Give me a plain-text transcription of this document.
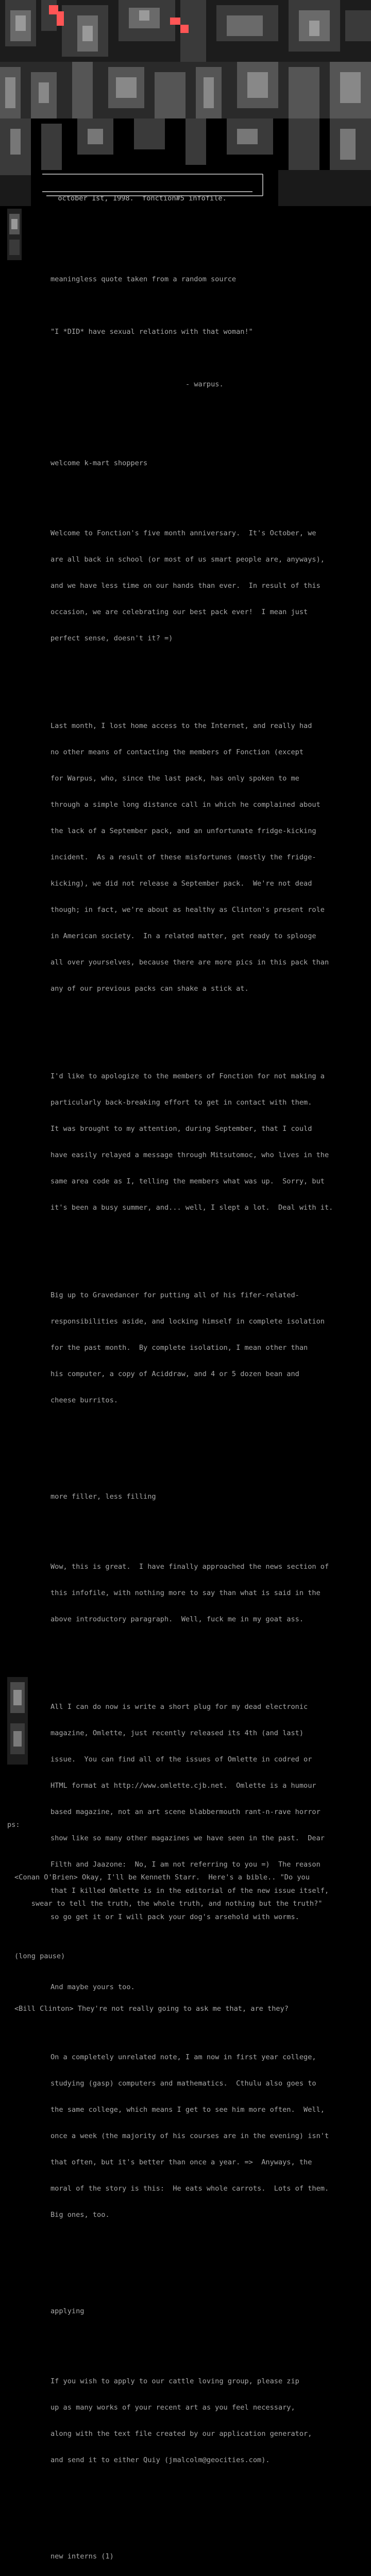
october 1st, 1998.  fonction#5 infofile.

meaningless quote taken from a random source

"I *DID* have sexual relations with that woman!"

- warpus.

welcome k-mart shoppers

Welcome to Fonction's five month anniversary.  It's October, we

are all back in school (or most of us smart people are, anyways),

and we have less time on our hands than ever.  In result of this

occasion, we are celebrating our best pack ever!  I mean just

perfect sense, doesn't it? =)

Last month, I lost home access to the Internet, and really had

no other means of contacting the members of Fonction (except

for Warpus, who, since the last pack, has only spoken to me

through a simple long distance call in which he complained about

the lack of a September pack, and an unfortunate fridge-kicking

incident.  As a result of these misfortunes (mostly the fridge-

kicking), we did not release a September pack.  We're not dead

though; in fact, we're about as healthy as Clinton's present role

in American society.  In a related matter, get ready to splooge

all over yourselves, because there are more pics in this pack than

any of our previous packs can shake a stick at.

I'd like to apologize to the members of Fonction for not making a

particularly back-breaking effort to get in contact with them.

It was brought to my attention, during September, that I could

have easily relayed a message through Mitsutomoc, who lives in the

same area code as I, telling the members what was up.  Sorry, but

it's been a busy summer, and... well, I slept a lot.  Deal with it.

Big up to Gravedancer for putting all of his fifer-related-

responsibilities aside, and locking himself in complete isolation

for the past month.  By complete isolation, I mean other than

his computer, a copy of Aciddraw, and 4 or 5 dozen bean and

cheese burritos.

more filler, less filling

Wow, this is great.  I have finally approached the news section of

this infofile, with nothing more to say than what is said in the

above introductory paragraph.  Well, fuck me in my goat ass.

All I can do now is write a short plug for my dead electronic

magazine, Omlette, just recently released its 4th (and last)

issue.  You can find all of the issues of Omlette in codred or

HTML format at http://www.omlette.cjb.net.  Omlette is a humour

based magazine, not an art scene blabbermouth rant-n-rave horror

show like so many other magazines we have seen in the past.  Dear

Filth and Jaazone:  No, I am not referring to you =)  The reason

that I killed Omlette is in the editorial of the new issue itself,

so go get it or I will pack your dog's arsehold with worms.

And maybe yours too.

On a completely unrelated note, I am now in first year college,

studying (gasp) computers and mathematics.  Cthulu also goes to

the same college, which means I get to see him more often.  Well,

once a week (the majority of his courses are in the evening) isn't

that often, but it's better than once a year. =>  Anyways, the

moral of the story is this:  He eats whole carrots.  Lots of them.

Big ones, too.

applying

If you wish to apply to our cattle loving group, please zip

up as many works of your recent art as you feel necessary,

along with the text file created by our application generator,

and send it to either Quiy (jmalcolm@geocities.com).

new interns (1)

ps:

<Conan O'Brien> Okay, I'll be Kenneth Starr.  Here's a bible.. "Do you

swear to tell the truth, the whole truth, and nothing but the truth?"

(long pause)

<Bill Clinton> They're not really going to ask me that, are they?
